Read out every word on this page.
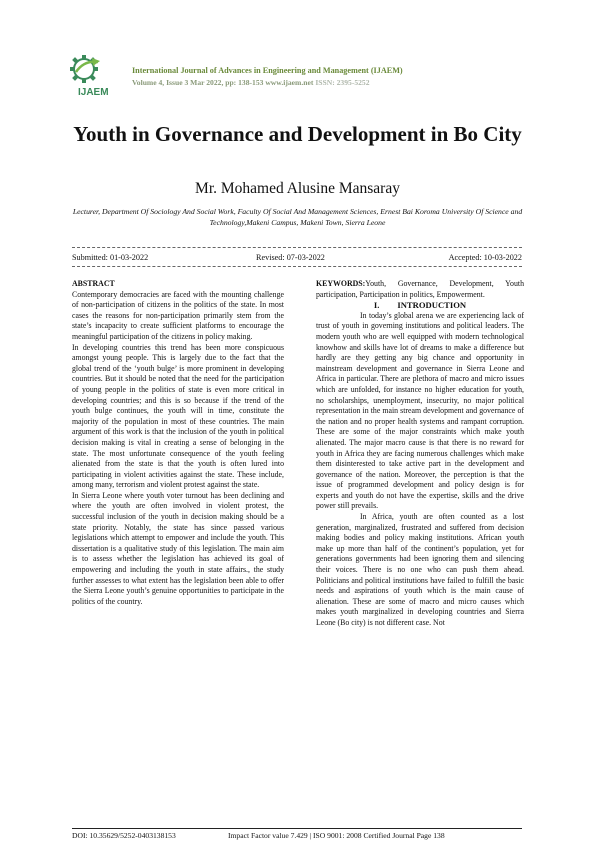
IJAEM
International Journal of Advances in Engineering and Management (IJAEM)
Volume 4, Issue 3 Mar 2022, pp: 138-153 www.ijaem.net ISSN: 2395-5252
Youth in Governance and Development in Bo City
Mr. Mohamed Alusine Mansaray
Lecturer, Department Of Sociology And Social Work, Faculty Of Social And Management Sciences, Ernest Bai Koroma University Of Science and Technology,Makeni Campus, Makeni Town, Sierra Leone
Submitted: 01-03-2022	Revised: 07-03-2022	Accepted: 10-03-2022

ABSTRACT

Contemporary democracies are faced with the mounting challenge of non-participation of citizens in the politics of the state. In most cases the reasons for non-participation primarily stem from the state’s incapacity to create sufficient platforms to encourage the meaningful participation of the citizens in policy making.

In developing countries this trend has been more conspicuous amongst young people. This is largely due to the fact that the global trend of the ‘youth bulge’ is more prominent in developing countries. But it should be noted that the need for the participation of young people in the politics of state is even more critical in developing countries; and this is so because if the trend of the youth bulge continues, the youth will in time, constitute the majority of the population in most of these countries. The main argument of this work is that the inclusion of the youth in political decision making is vital in creating a sense of belonging in the state. The most unfortunate consequence of the youth feeling alienated from the state is that the youth is often lured into participating in violent activities against the state. These include, among many, terrorism and violent protest against the state.

In Sierra Leone where youth voter turnout has been declining and where the youth are often involved in violent protest, the successful inclusion of the youth in decision making should be a state priority. Notably, the state has since passed various legislations which attempt to empower and include the youth. This dissertation is a qualitative study of this legislation. The main aim is to assess whether the legislation has achieved its goal of empowering and including the youth in state affairs., the study further assesses to what extent has the legislation been able to offer the Sierra Leone youth’s genuine opportunities to participate in the politics of the country.

KEYWORDS:Youth, Governance, Development, Youth participation, Participation in politics, Empowerment.

I. INTRODUCTION

In today’s global arena we are experiencing lack of trust of youth in governing institutions and political leaders. The modern youth who are well equipped with modern technological knowhow and skills have lot of dreams to make a difference but hardly are they getting any big chance and opportunity in mainstream development and governance in Sierra Leone and Africa in particular. There are plethora of macro and micro issues which are unfolded, for instance no higher education for youth, no scholarships, unemployment, insecurity, no major political representation in the main stream development and governance of the nation and no proper health systems and rampant corruption. These are some of the major constraints which make youth alienated. The major macro cause is that there is no reward for youth in Africa they are facing numerous challenges which make them disinterested to take active part in the development and governance of the nation. Moreover, the perception is that the issue of programmed development and policy design is for experts and youth do not have the expertise, skills and the drive power still prevails.

In Africa, youth are often counted as a lost generation, marginalized, frustrated and suffered from decision making bodies and policy making institutions. African youth make up more than half of the continent’s population, yet for generations governments had been ignoring them and silencing their voices. There is no one who can push them ahead. Politicians and political institutions have failed to fulfill the basic needs and aspirations of youth which is the main cause of alienation. These are some of macro and micro causes which makes youth marginalized in developing countries and Sierra Leone (Bo city) is not different case. Not

DOI: 10.35629/5252-0403138153	Impact Factor value 7.429 | ISO 9001: 2008 Certified Journal Page 138
